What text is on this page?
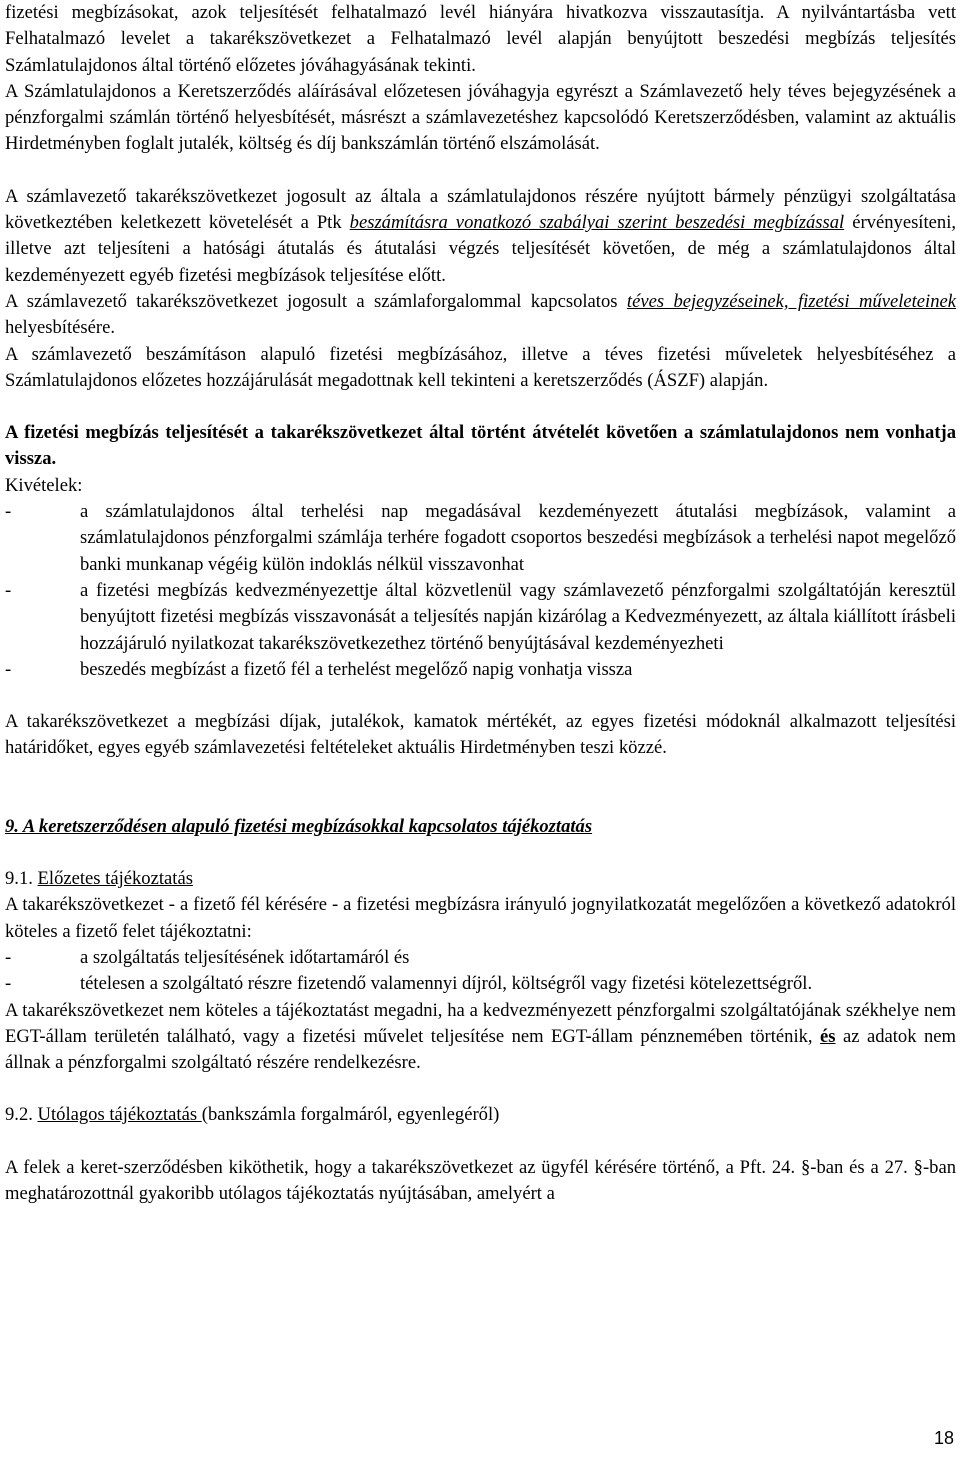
fizetési megbízásokat, azok teljesítését felhatalmazó levél hiányára hivatkozva visszautasítja. A nyilvántartásba vett Felhatalmazó levelet a takarékszövetkezet a Felhatalmazó levél alapján benyújtott beszedési megbízás teljesítés Számlatulajdonos által történő előzetes jóváhagyásának tekinti.

A Számlatulajdonos a Keretszerződés aláírásával előzetesen jóváhagyja egyrészt a Számlavezető hely téves bejegyzésének a pénzforgalmi számlán történő helyesbítését, másrészt a számlavezetéshez kapcsolódó Keretszerződésben, valamint az aktuális Hirdetményben foglalt jutalék, költség és díj bankszámlán történő elszámolását.

A számlavezető takarékszövetkezet jogosult az általa a számlatulajdonos részére nyújtott bármely pénzügyi szolgáltatása következtében keletkezett követelését a Ptk beszámításra vonatkozó szabályai szerint beszedési megbízással érvényesíteni, illetve azt teljesíteni a hatósági átutalás és átutalási végzés teljesítését követően, de még a számlatulajdonos által kezdeményezett egyéb fizetési megbízások teljesítése előtt.

A számlavezető takarékszövetkezet jogosult a számlaforgalommal kapcsolatos téves bejegyzéseinek, fizetési műveleteinek helyesbítésére.

A számlavezető beszámításon alapuló fizetési megbízásához, illetve a téves fizetési műveletek helyesbítéséhez a Számlatulajdonos előzetes hozzájárulását megadottnak kell tekinteni a keretszerződés (ÁSZF) alapján.

A fizetési megbízás teljesítését a takarékszövetkezet által történt átvételét követően a számlatulajdonos nem vonhatja vissza.

Kivételek:

-	a számlatulajdonos által terhelési nap megadásával kezdeményezett átutalási megbízások, valamint a számlatulajdonos pénzforgalmi számlája terhére fogadott csoportos beszedési megbízások a terhelési napot megelőző banki munkanap végéig külön indoklás nélkül visszavonhat
-	a fizetési megbízás kedvezményezettje által közvetlenül vagy számlavezető pénzforgalmi szolgáltatóján keresztül benyújtott fizetési megbízás visszavonását a teljesítés napján kizárólag a Kedvezményezett, az általa kiállított írásbeli hozzájáruló nyilatkozat takarékszövetkezethez történő benyújtásával kezdeményezheti
-	beszedés megbízást a fizető fél a terhelést megelőző napig vonhatja vissza

A takarékszövetkezet a megbízási díjak, jutalékok, kamatok mértékét, az egyes fizetési módoknál alkalmazott teljesítési határidőket, egyes egyéb számlavezetési feltételeket aktuális Hirdetményben teszi közzé.

9. A keretszerződésen alapuló fizetési megbízásokkal kapcsolatos tájékoztatás

9.1. Előzetes tájékoztatás

A takarékszövetkezet - a fizető fél kérésére - a fizetési megbízásra irányuló jognyilatkozatát megelőzően a következő adatokról köteles a fizető felet tájékoztatni:

-	a szolgáltatás teljesítésének időtartamáról és
-	tételesen a szolgáltató részre fizetendő valamennyi díjról, költségről vagy fizetési kötelezettségről.

A takarékszövetkezet nem köteles a tájékoztatást megadni, ha a kedvezményezett pénzforgalmi szolgáltatójának székhelye nem EGT-állam területén található, vagy a fizetési művelet teljesítése nem EGT-állam pénznemében történik, és az adatok nem állnak a pénzforgalmi szolgáltató részére rendelkezésre.

9.2. Utólagos tájékoztatás (bankszámla forgalmáról, egyenlegéről)

A felek a keret-szerződésben kiköthetik, hogy a takarékszövetkezet az ügyfél kérésére történő, a Pft. 24. §-ban és a 27. §-ban meghatározottnál gyakoribb utólagos tájékoztatás nyújtásában, amelyért a

18
